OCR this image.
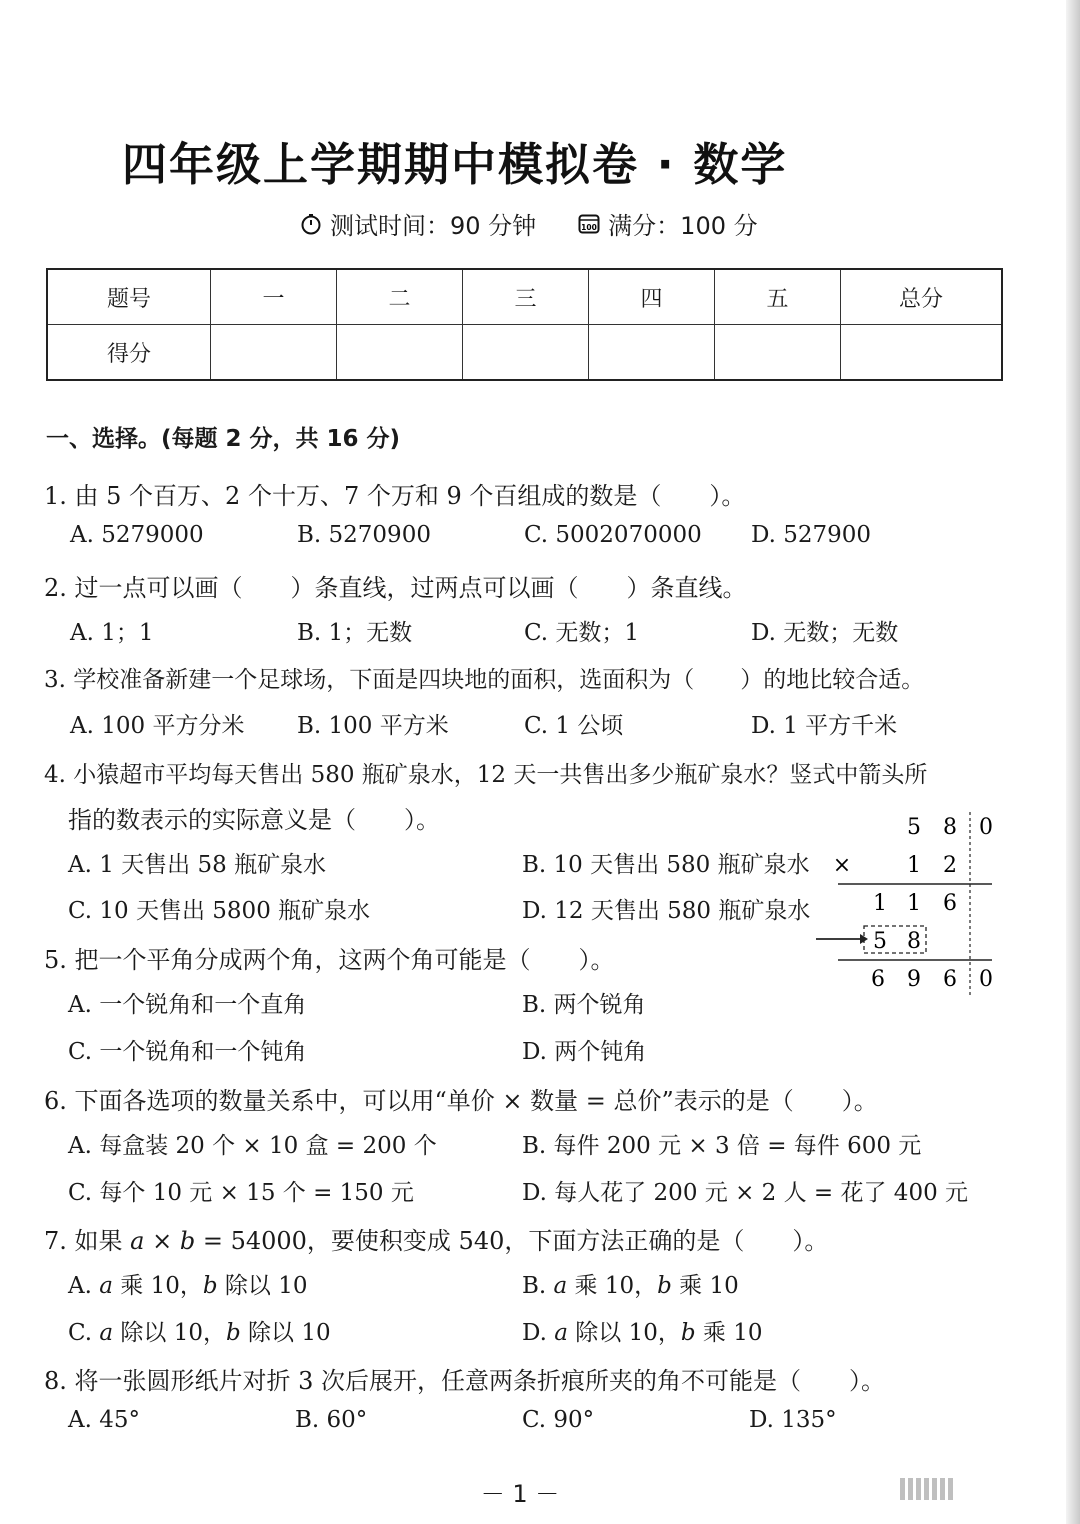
四年级上学期期中模拟卷 · 数学
测试时间：90 分钟	100 满分：100 分
题号	一	二	三	四	五	总分
得分						
一、选择。(每题 2 分，共 16 分)
1. 由 5 个百万、2 个十万、7 个万和 9 个百组成的数是（　　）。
A. 5279000	B. 5270900	C. 5002070000 D. 527900
2. 过一点可以画（　　）条直线，过两点可以画（　　）条直线。
A. 1；1	B. 1；无数	C. 无数；1	D. 无数；无数
3. 学校准备新建一个足球场，下面是四块地的面积，选面积为（　　）的地比较合适。
A. 100 平方分米 B. 100 平方米	C. 1 公顷	D. 1 平方千米
4. 小猿超市平均每天售出 580 瓶矿泉水，12 天一共售出多少瓶矿泉水？竖式中箭头所
指的数表示的实际意义是（　　）。
A. 1 天售出 58 瓶矿泉水	B. 10 天售出 580 瓶矿泉水
C. 10 天售出 5800 瓶矿泉水	D. 12 天售出 580 瓶矿泉水
5 8 0
×	1 2
1 1 6
5 8
6 9 6 0
5. 把一个平角分成两个角，这两个角可能是（　　）。
A. 一个锐角和一个直角	B. 两个锐角
C. 一个锐角和一个钝角	D. 两个钝角
6. 下面各选项的数量关系中，可以用“单价 × 数量 = 总价”表示的是（　　）。
A. 每盒装 20 个 × 10 盒 = 200 个	B. 每件 200 元 × 3 倍 = 每件 600 元
C. 每个 10 元 × 15 个 = 150 元	D. 每人花了 200 元 × 2 人 = 花了 400 元
7. 如果 a × b = 54000，要使积变成 540，下面方法正确的是（　　）。
A. a 乘 10，b 除以 10	B. a 乘 10，b 乘 10
C. a 除以 10，b 除以 10	D. a 除以 10，b 乘 10
8. 将一张圆形纸片对折 3 次后展开，任意两条折痕所夹的角不可能是（　　）。
A. 45°	B. 60°	C. 90°	D. 135°
－ 1 －
